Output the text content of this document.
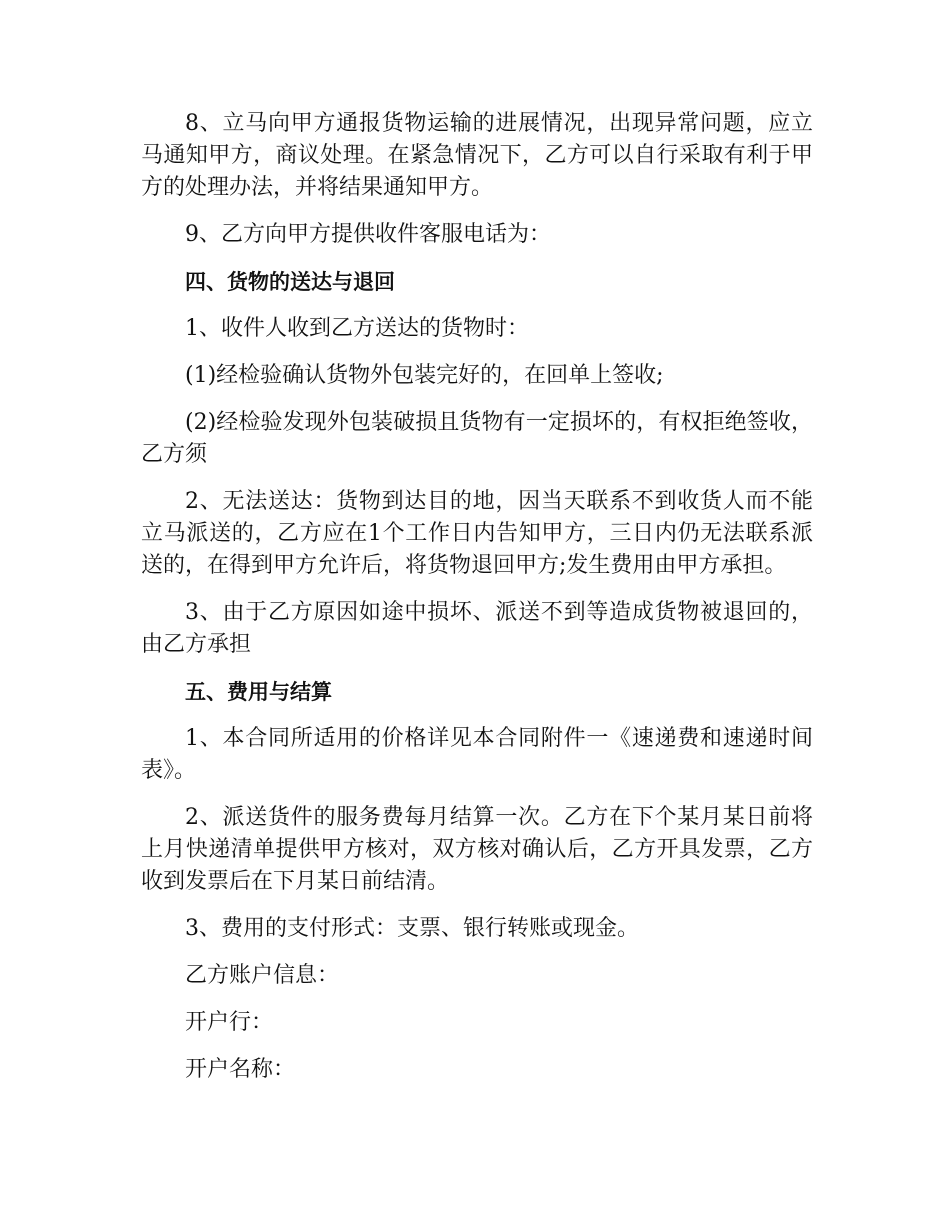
8、立马向甲方通报货物运输的进展情况，出现异常问题，应立马通知甲方，商议处理。在紧急情况下，乙方可以自行采取有利于甲方的处理办法，并将结果通知甲方。

9、乙方向甲方提供收件客服电话为：

四、货物的送达与退回

1、收件人收到乙方送达的货物时：

(1)经检验确认货物外包装完好的，在回单上签收;

(2)经检验发现外包装破损且货物有一定损坏的，有权拒绝签收，乙方须

2、无法送达：货物到达目的地，因当天联系不到收货人而不能立马派送的，乙方应在1个工作日内告知甲方，三日内仍无法联系派送的，在得到甲方允许后，将货物退回甲方;发生费用由甲方承担。

3、由于乙方原因如途中损坏、派送不到等造成货物被退回的，由乙方承担

五、费用与结算

1、本合同所适用的价格详见本合同附件一《速递费和速递时间表》。

2、派送货件的服务费每月结算一次。乙方在下个某月某日前将上月快递清单提供甲方核对，双方核对确认后，乙方开具发票，乙方收到发票后在下月某日前结清。

3、费用的支付形式：支票、银行转账或现金。

乙方账户信息：

开户行：

开户名称：
